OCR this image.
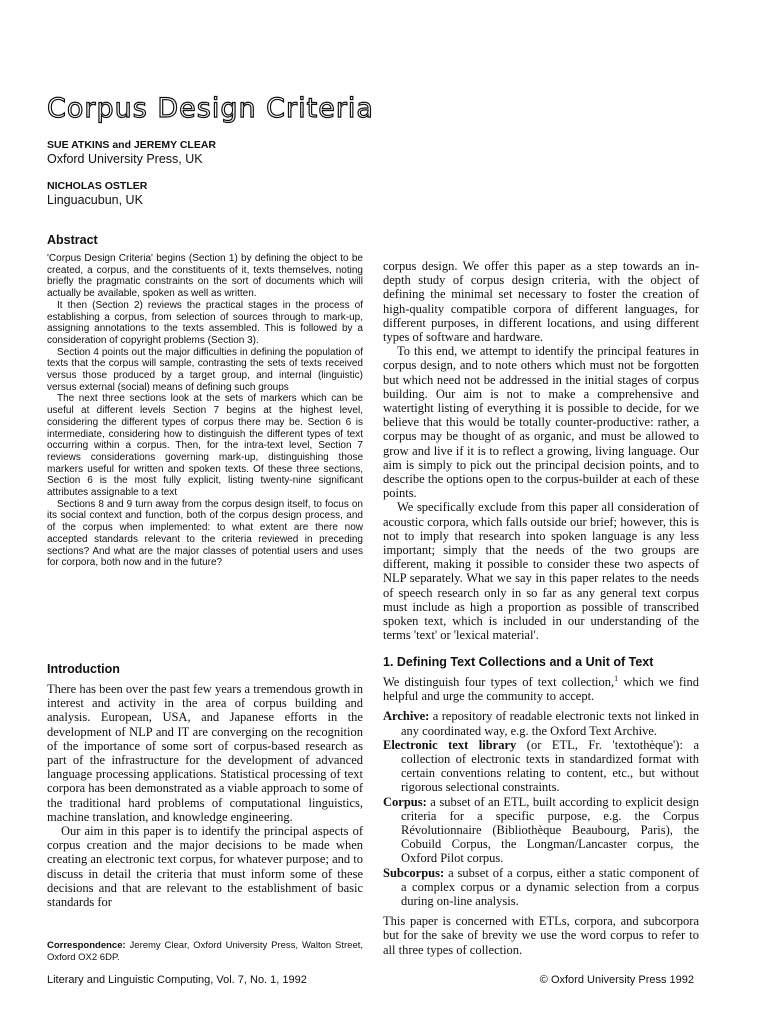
Corpus Design Criteria
SUE ATKINS and JEREMY CLEAR
Oxford University Press, UK
NICHOLAS OSTLER
Linguacubun, UK
Abstract

'Corpus Design Criteria' begins (Section 1) by defining the object to be created, a corpus, and the constituents of it, texts themselves, noting briefly the pragmatic constraints on the sort of documents which will actually be available, spoken as well as written.

It then (Section 2) reviews the practical stages in the process of establishing a corpus, from selection of sources through to mark-up, assigning annotations to the texts assembled. This is followed by a consideration of copyright problems (Section 3).

Section 4 points out the major difficulties in defining the population of texts that the corpus will sample, contrasting the sets of texts received versus those produced by a target group, and internal (linguistic) versus external (social) means of defining such groups

The next three sections look at the sets of markers which can be useful at different levels Section 7 begins at the highest level, considering the different types of corpus there may be. Section 6 is intermediate, considering how to distinguish the different types of text occurring within a corpus. Then, for the intra-text level, Section 7 reviews considerations governing mark-up, distinguishing those markers useful for written and spoken texts. Of these three sections, Section 6 is the most fully explicit, listing twenty-nine significant attributes assignable to a text

Sections 8 and 9 turn away from the corpus design itself, to focus on its social context and function, both of the corpus design process, and of the corpus when implemented: to what extent are there now accepted standards relevant to the criteria reviewed in preceding sections? And what are the major classes of potential users and uses for corpora, both now and in the future?

Introduction

There has been over the past few years a tremendous growth in interest and activity in the area of corpus building and analysis. European, USA, and Japanese efforts in the development of NLP and IT are converging on the recognition of the importance of some sort of corpus-based research as part of the infrastructure for the development of advanced language processing applications. Statistical processing of text corpora has been demonstrated as a viable approach to some of the traditional hard problems of computational linguistics, machine translation, and knowledge engineering.

Our aim in this paper is to identify the principal aspects of corpus creation and the major decisions to be made when creating an electronic text corpus, for whatever purpose; and to discuss in detail the criteria that must inform some of these decisions and that are relevant to the establishment of basic standards for

Correspondence: Jeremy Clear, Oxford University Press, Walton Street, Oxford OX2 6DP.

corpus design. We offer this paper as a step towards an in-depth study of corpus design criteria, with the object of defining the minimal set necessary to foster the creation of high-quality compatible corpora of different languages, for different purposes, in different locations, and using different types of software and hardware.

To this end, we attempt to identify the principal features in corpus design, and to note others which must not be forgotten but which need not be addressed in the initial stages of corpus building. Our aim is not to make a comprehensive and watertight listing of everything it is possible to decide, for we believe that this would be totally counter-productive: rather, a corpus may be thought of as organic, and must be allowed to grow and live if it is to reflect a growing, living language. Our aim is simply to pick out the principal decision points, and to describe the options open to the corpus-builder at each of these points.

We specifically exclude from this paper all consideration of acoustic corpora, which falls outside our brief; however, this is not to imply that research into spoken language is any less important; simply that the needs of the two groups are different, making it possible to consider these two aspects of NLP separately. What we say in this paper relates to the needs of speech research only in so far as any general text corpus must include as high a proportion as possible of transcribed spoken text, which is included in our understanding of the terms 'text' or 'lexical material'.

1. Defining Text Collections and a Unit of Text

We distinguish four types of text collection,$^1$ which we find helpful and urge the community to accept.

Archive: a repository of readable electronic texts not linked in any coordinated way, e.g. the Oxford Text Archive.

Electronic text library (or ETL, Fr. 'textothèque'): a collection of electronic texts in standardized format with certain conventions relating to content, etc., but without rigorous selectional constraints.

Corpus: a subset of an ETL, built according to explicit design criteria for a specific purpose, e.g. the Corpus Révolutionnaire (Bibliothèque Beaubourg, Paris), the Cobuild Corpus, the Longman/Lancaster corpus, the Oxford Pilot corpus.

Subcorpus: a subset of a corpus, either a static component of a complex corpus or a dynamic selection from a corpus during on-line analysis.

This paper is concerned with ETLs, corpora, and subcorpora but for the sake of brevity we use the word corpus to refer to all three types of collection.

Literary and Linguistic Computing, Vol. 7, No. 1, 1992	© Oxford University Press 1992
